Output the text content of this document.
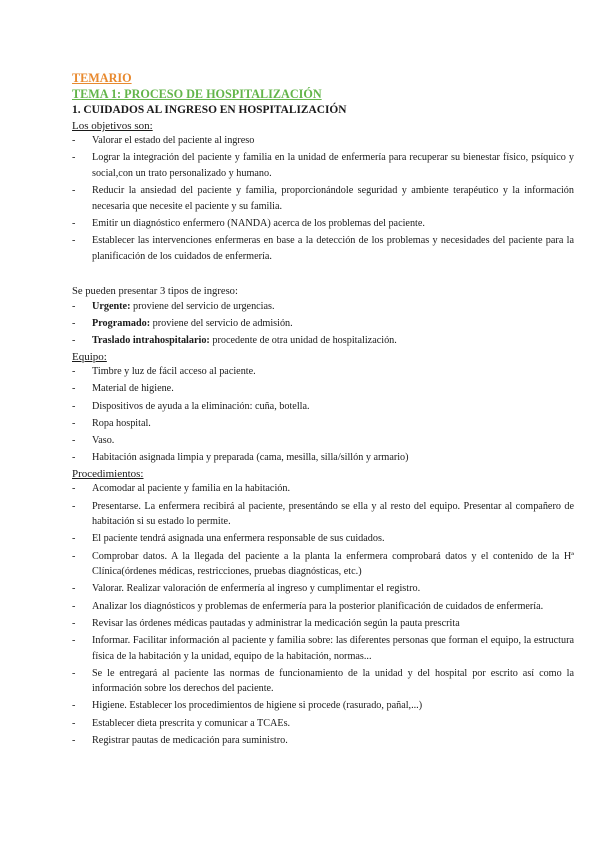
TEMARIO
TEMA 1: PROCESO DE HOSPITALIZACIÓN
1. CUIDADOS AL INGRESO EN HOSPITALIZACIÓN
Los objetivos son:
- Valorar el estado del paciente al ingreso
- Lograr la integración del paciente y familia en la unidad de enfermería para recuperar su bienestar físico, psíquico y social,con un trato personalizado y humano.
- Reducir la ansiedad del paciente y familia, proporcionándole seguridad y ambiente terapéutico y la información necesaria que necesite el paciente y su familia.
- Emitir un diagnóstico enfermero (NANDA) acerca de los problemas del paciente.
- Establecer las intervenciones enfermeras en base a la detección de los problemas y necesidades del paciente para la planificación de los cuidados de enfermería.
Se pueden presentar 3 tipos de ingreso:
- Urgente: proviene del servicio de urgencias.
- Programado: proviene del servicio de admisión.
- Traslado intrahospitalario: procedente de otra unidad de hospitalización.
Equipo:
- Timbre y luz de fácil acceso al paciente.
- Material de higiene.
- Dispositivos de ayuda a la eliminación: cuña, botella.
- Ropa hospital.
- Vaso.
- Habitación asignada limpia y preparada (cama, mesilla, silla/sillón y armario)
Procedimientos:
- Acomodar al paciente y familia en la habitación.
- Presentarse. La enfermera recibirá al paciente, presentándo se ella y al resto del equipo. Presentar al compañero de habitación si su estado lo permite.
- El paciente tendrá asignada una enfermera responsable de sus cuidados.
- Comprobar datos. A la llegada del paciente a la planta la enfermera comprobará datos y el contenido de la Hª Clínica(órdenes médicas, restricciones, pruebas diagnósticas, etc.)
- Valorar. Realizar valoración de enfermería al ingreso y cumplimentar el registro.
- Analizar los diagnósticos y problemas de enfermería para la posterior planificación de cuidados de enfermería.
- Revisar las órdenes médicas pautadas y administrar la medicación según la pauta prescrita
- Informar. Facilitar información al paciente y familia sobre: las diferentes personas que forman el equipo, la estructura física de la habitación y la unidad, equipo de la habitación, normas...
- Se le entregará al paciente las normas de funcionamiento de la unidad y del hospital por escrito así como la información sobre los derechos del paciente.
- Higiene. Establecer los procedimientos de higiene si procede (rasurado, pañal,...)
- Establecer dieta prescrita y comunicar a TCAEs.
- Registrar pautas de medicación para suministro.
